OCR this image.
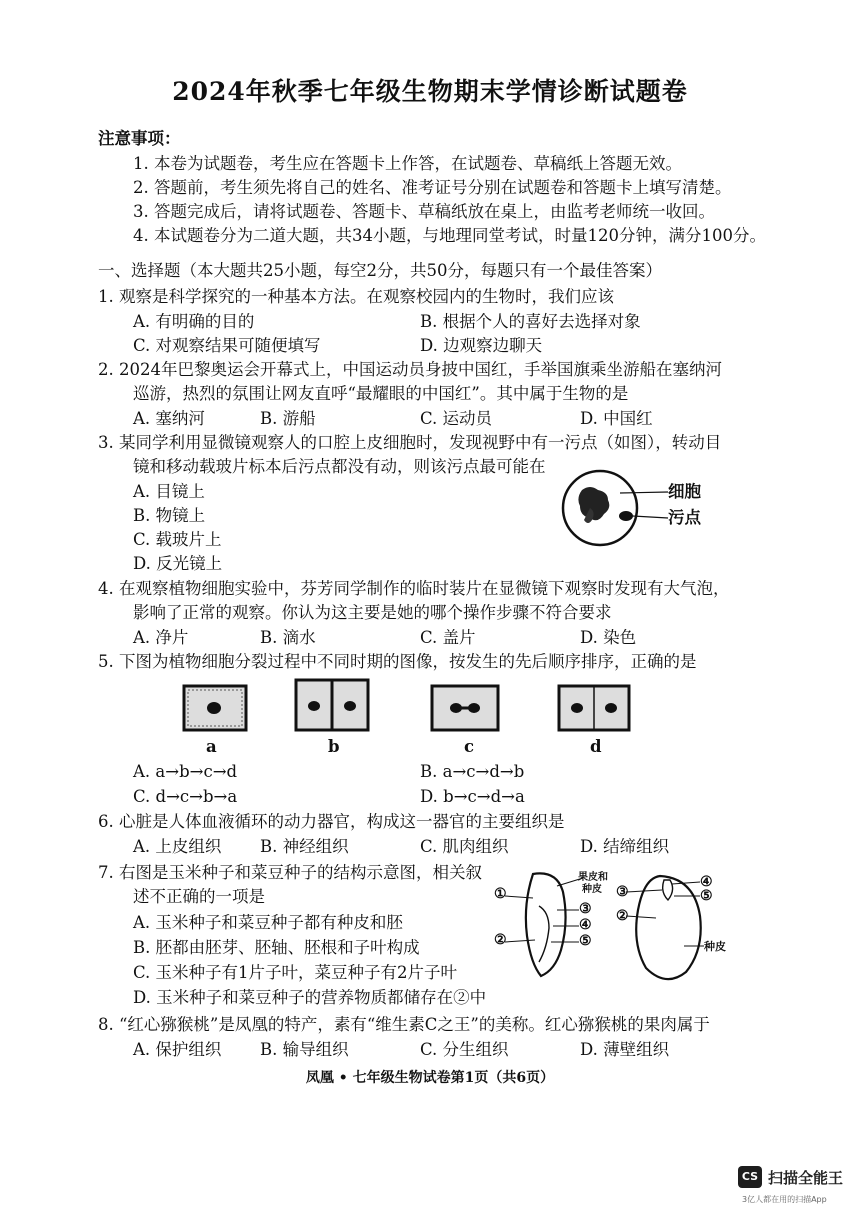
2024年秋季七年级生物期末学情诊断试题卷
注意事项：
1. 本卷为试题卷，考生应在答题卡上作答，在试题卷、草稿纸上答题无效。
2. 答题前，考生须先将自己的姓名、准考证号分别在试题卷和答题卡上填写清楚。
3. 答题完成后，请将试题卷、答题卡、草稿纸放在桌上，由监考老师统一收回。
4. 本试题卷分为二道大题，共34小题，与地理同堂考试，时量120分钟，满分100分。
一、选择题（本大题共25小题，每空2分，共50分，每题只有一个最佳答案）
1. 观察是科学探究的一种基本方法。在观察校园内的生物时，我们应该
A. 有明确的目的	B. 根据个人的喜好去选择对象
C. 对观察结果可随便填写	D. 边观察边聊天
2. 2024年巴黎奥运会开幕式上，中国运动员身披中国红，手举国旗乘坐游船在塞纳河
巡游，热烈的氛围让网友直呼“最耀眼的中国红”。其中属于生物的是
A. 塞纳河	B. 游船	C. 运动员	D. 中国红
3. 某同学利用显微镜观察人的口腔上皮细胞时，发现视野中有一污点（如图），转动目
镜和移动载玻片标本后污点都没有动，则该污点最可能在
A. 目镜上
B. 物镜上
C. 载玻片上
D. 反光镜上
细胞
污点
4. 在观察植物细胞实验中，芬芳同学制作的临时装片在显微镜下观察时发现有大气泡，
影响了正常的观察。你认为这主要是她的哪个操作步骤不符合要求
A. 净片	B. 滴水	C. 盖片	D. 染色
5. 下图为植物细胞分裂过程中不同时期的图像，按发生的先后顺序排序，正确的是
a	b	c	d
A. a→b→c→d	B. a→c→d→b
C. d→c→b→a	D. b→c→d→a
6. 心脏是人体血液循环的动力器官，构成这一器官的主要组织是
A. 上皮组织 B. 神经组织	C. 肌肉组织	D. 结缔组织
7. 右图是玉米种子和菜豆种子的结构示意图，相关叙
述不正确的一项是
A. 玉米种子和菜豆种子都有种皮和胚
B. 胚都由胚芽、胚轴、胚根和子叶构成
C. 玉米种子有1片子叶，菜豆种子有2片子叶
D. 玉米种子和菜豆种子的营养物质都储存在②中
果皮和
种皮
①
②
③
④
⑤
③
②
④
⑤
种皮
8. “红心猕猴桃”是凤凰的特产，素有“维生素C之王”的美称。红心猕猴桃的果肉属于
A. 保护组织 B. 输导组织	C. 分生组织	D. 薄壁组织
凤凰 • 七年级生物试卷第1页（共6页）
CS 扫描全能王
3亿人都在用的扫描App
